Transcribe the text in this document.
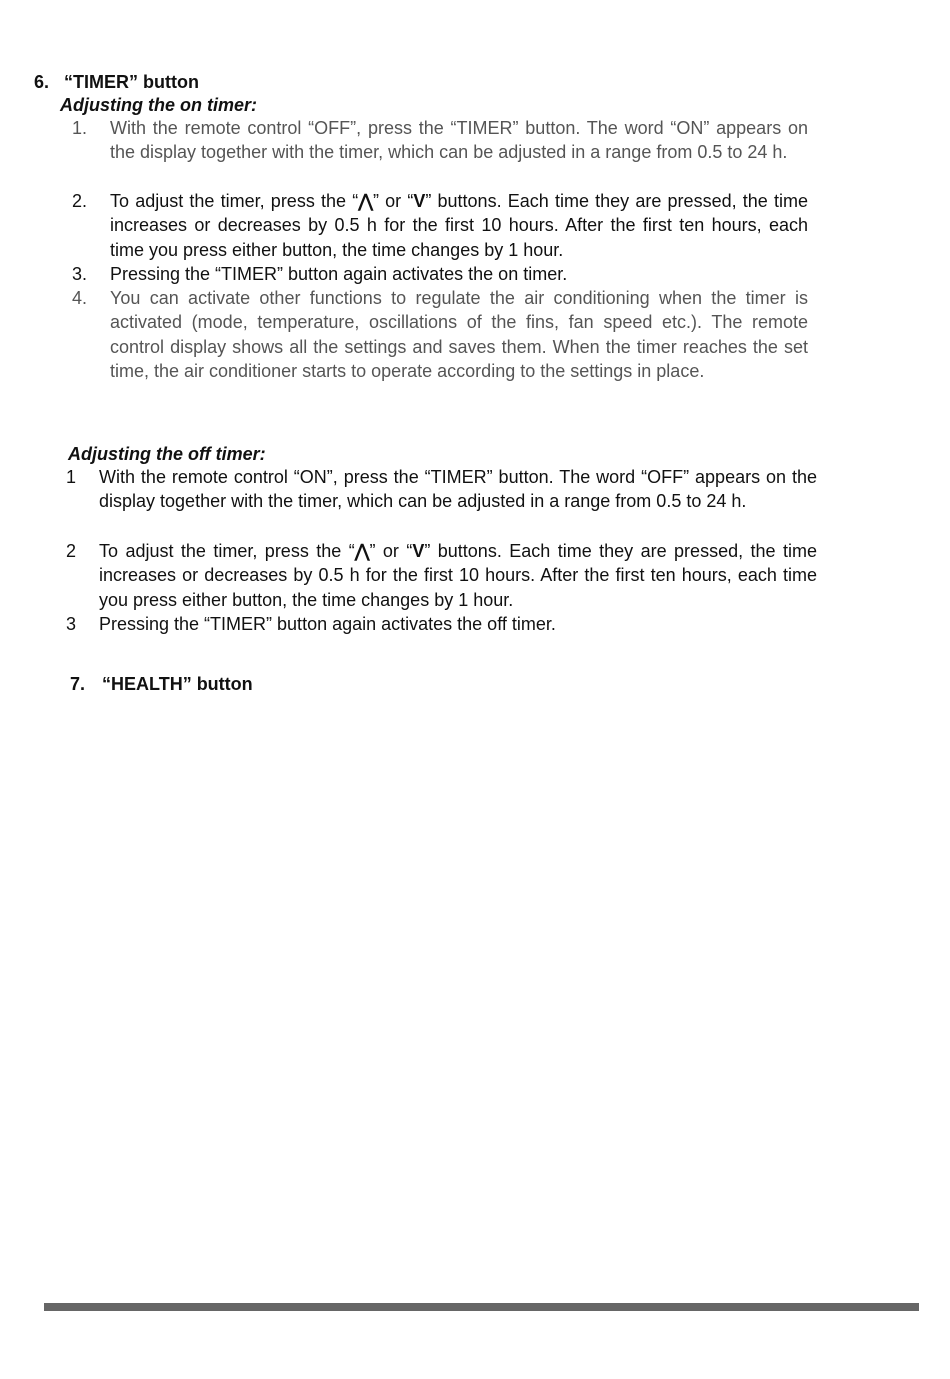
6. “TIMER” button
Adjusting the on timer:
1. With the remote control “OFF”, press the “TIMER” button. The word “ON” appears on the display together with the timer, which can be adjusted in a range from 0.5 to 24 h.
2. To adjust the timer, press the “⋀” or “V” buttons. Each time they are pressed, the time increases or decreases by 0.5 h for the first 10 hours. After the first ten hours, each time you press either button, the time changes by 1 hour.
3. Pressing the “TIMER” button again activates the on timer.
4. You can activate other functions to regulate the air conditioning when the timer is activated (mode, temperature, oscillations of the fins, fan speed etc.). The remote control display shows all the settings and saves them. When the timer reaches the set time, the air conditioner starts to operate according to the settings in place.
Adjusting the off timer:
1 With the remote control “ON”, press the “TIMER” button. The word “OFF” appears on the display together with the timer, which can be adjusted in a range from 0.5 to 24 h.
2 To adjust the timer, press the “⋀” or “V” buttons. Each time they are pressed, the time increases or decreases by 0.5 h for the first 10 hours. After the first ten hours, each time you press either button, the time changes by 1 hour.
3 Pressing the “TIMER” button again activates the off timer.
7. “HEALTH” button
